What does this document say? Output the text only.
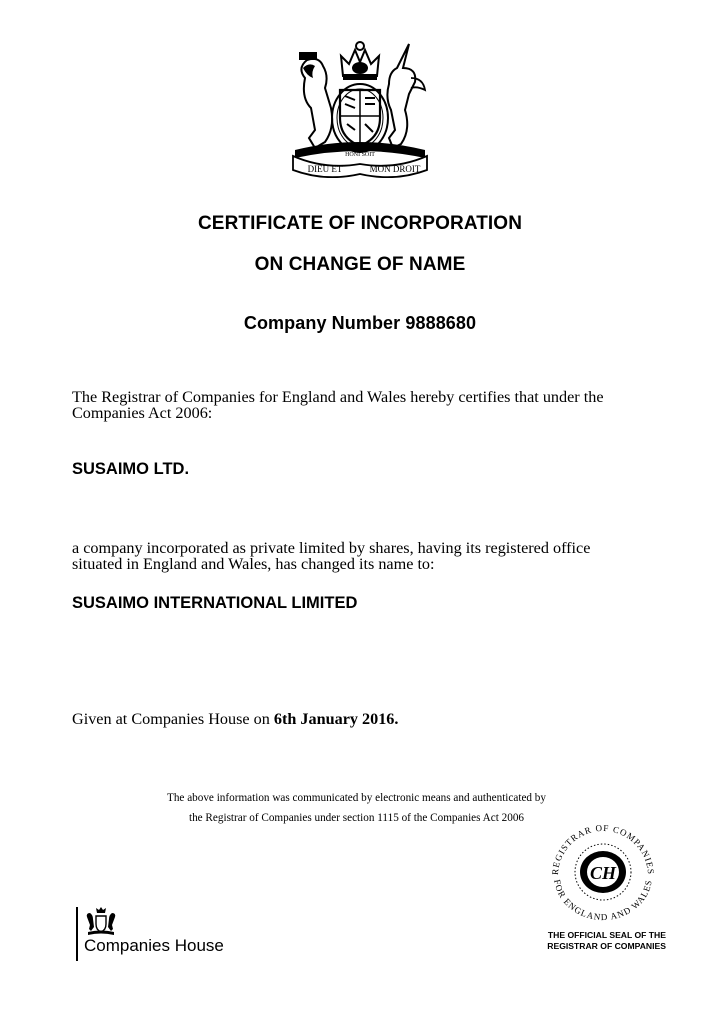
DIEU ET	MON DROIT
HONI SOIT
CERTIFICATE OF INCORPORATION
ON CHANGE OF NAME
Company Number 9888680
The Registrar of Companies for England and Wales hereby certifies that under the
Companies Act 2006:
SUSAIMO LTD.
a company incorporated as private limited by shares, having its registered office
situated in England and Wales, has changed its name to:
SUSAIMO INTERNATIONAL LIMITED
Given at Companies House on 6th January 2016.
The above information was communicated by electronic means and authenticated by
the Registrar of Companies under section 1115 of the Companies Act 2006
REGISTRAR OF COMPANIES
FOR ENGLAND AND WALES
CH
THE OFFICIAL SEAL OF THE
REGISTRAR OF COMPANIES
Companies House
